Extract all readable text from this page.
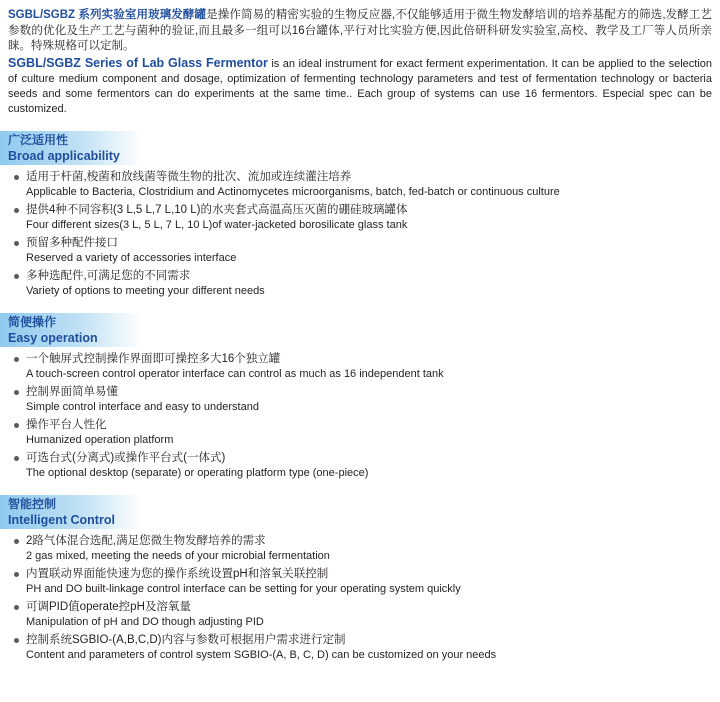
SGBL/SGBZ 系列实验室用玻璃发酵罐是操作简易的精密实验的生物反应器,不仅能够适用于微生物发酵培训的培养基配方的筛选,发酵工艺参数的优化及生产工艺与菌种的验证,而且最多一组可以16台罐体,平行对比实验方便,因此倍研科研发实验室,高校、教学及工厂等人员所亲睐。特殊规格可以定制。

SGBL/SGBZ Series of Lab Glass Fermentor is an ideal instrument for exact ferment experimentation. It can be applied to the selection of culture medium component and dosage, optimization of fermenting technology parameters and test of fermentation technology or bacteria seeds and some fermentors can do experiments at the same time.. Each group of systems can use 16 fermentors. Especial spec can be customized.

广泛适用性
Broad applicability
适用于杆菌,梭菌和放线菌等微生物的批次、流加或连续灌注培养
Applicable to Bacteria, Clostridium and Actinomycetes microorganisms, batch, fed-batch or continuous culture
提供4种不同容积(3 L,5 L,7 L,10 L)的水夹套式高温高压灭菌的硼硅玻璃罐体
Four different sizes(3 L, 5 L, 7 L, 10 L)of water-jacketed borosilicate glass tank
预留多种配件接口
Reserved a variety of accessories interface
多种选配件,可满足您的不同需求
Variety of options to meeting your different needs
简便操作
Easy operation
一个触屏式控制操作界面即可操控多大16个独立罐
A touch-screen control operator interface can control as much as 16 independent tank
控制界面简单易懂
Simple control interface and easy to understand
操作平台人性化
Humanized operation platform
可选台式(分离式)或操作平台式(一体式)
The optional desktop (separate) or operating platform type (one-piece)
智能控制
Intelligent Control
2路气体混合选配,满足您微生物发酵培养的需求
2 gas mixed, meeting the needs of your microbial fermentation
内置联动界面能快速为您的操作系统设置pH和溶氧关联控制
PH and DO built-linkage control interface can be setting for your operating system quickly
可调PID值operate控pH及溶氧量
Manipulation of pH and DO though adjusting PID
控制系统SGBIO-(A,B,C,D)内容与参数可根据用户需求进行定制
Content and parameters of control system SGBIO-(A, B, C, D) can be customized on your needs
